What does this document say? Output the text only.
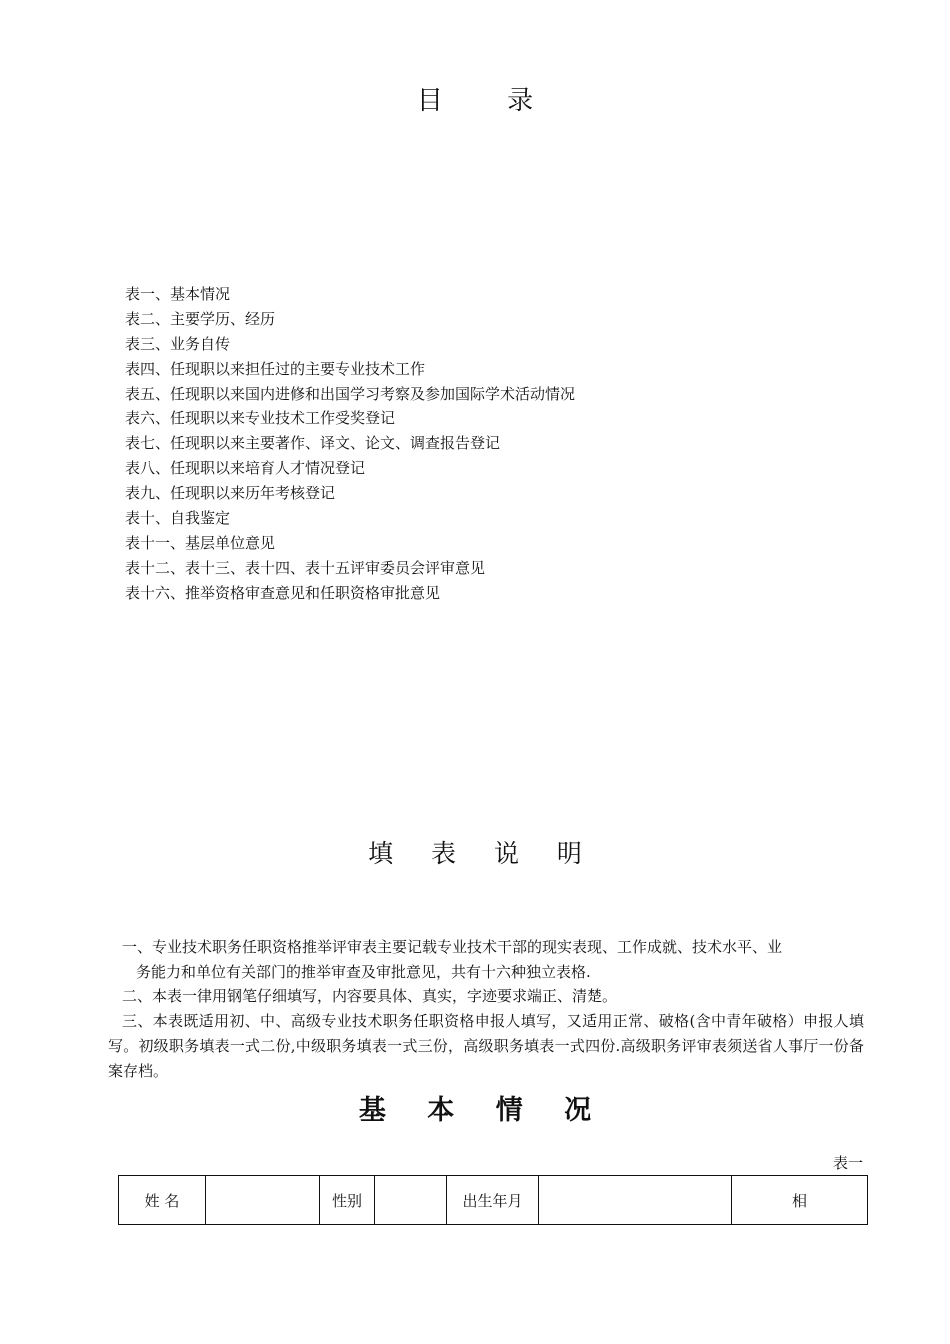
目 录
表一、基本情况
表二、主要学历、经历
表三、业务自传
表四、任现职以来担任过的主要专业技术工作
表五、任现职以来国内进修和出国学习考察及参加国际学术活动情况
表六、任现职以来专业技术工作受奖登记
表七、任现职以来主要著作、译文、论文、调查报告登记
表八、任现职以来培育人才情况登记
表九、任现职以来历年考核登记
表十、自我鉴定
表十一、基层单位意见
表十二、表十三、表十四、表十五评审委员会评审意见
表十六、推举资格审查意见和任职资格审批意见
填 表 说 明

一、专业技术职务任职资格推举评审表主要记载专业技术干部的现实表现、工作成就、技术水平、业
务能力和单位有关部门的推举审查及审批意见，共有十六种独立表格.

二、本表一律用钢笔仔细填写，内容要具体、真实，字迹要求端正、清楚。

三、本表既适用初、中、高级专业技术职务任职资格申报人填写，又适用正常、破格(含中青年破格）申报人填写。初级职务填表一式二份,中级职务填表一式三份，高级职务填表一式四份.高级职务评审表须送省人事厅一份备案存档。

基 本 情 况
表一
姓 名		性别		出生年月		相
